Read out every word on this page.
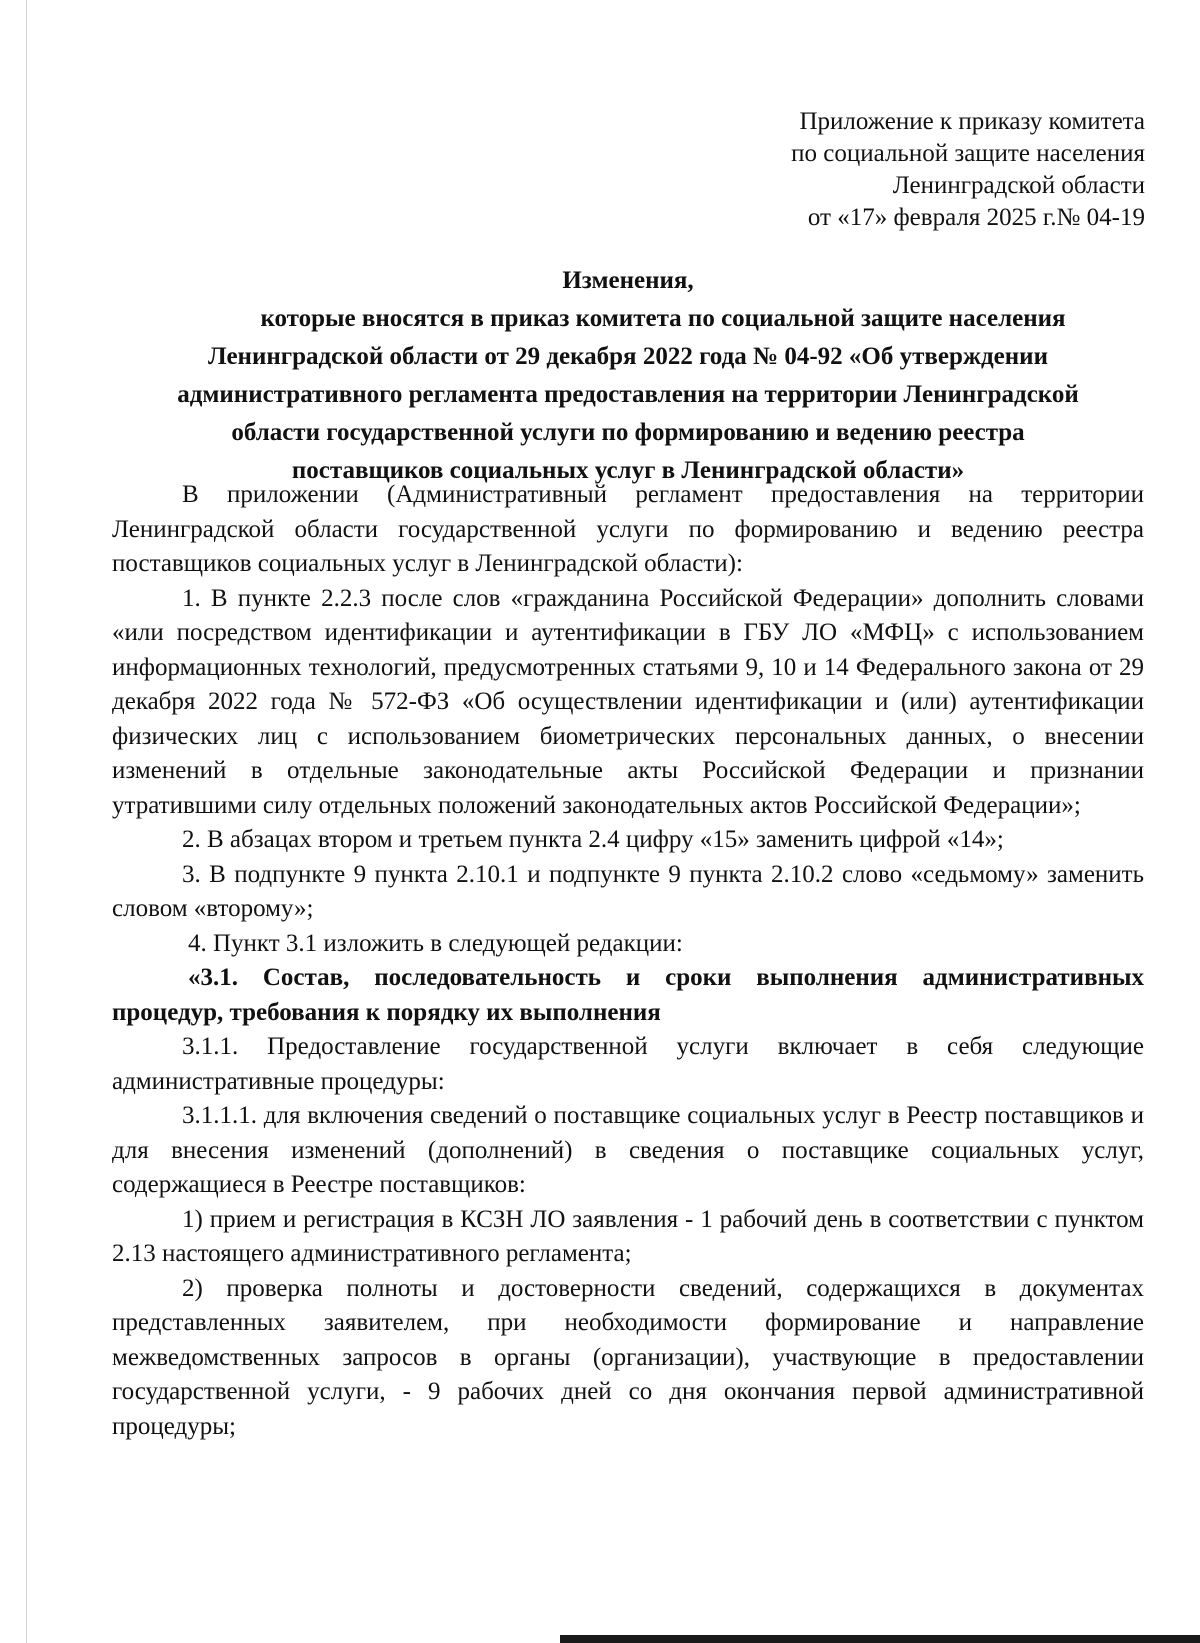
Приложение к приказу комитета
по социальной защите населения
Ленинградской области
от «17» февраля 2025 г.№ 04-19
Изменения,
которые вносятся в приказ комитета по социальной защите населения
Ленинградской области от 29 декабря 2022 года № 04-92 «Об утверждении
административного регламента предоставления на территории Ленинградской
области государственной услуги по формированию и ведению реестра
поставщиков социальных услуг в Ленинградской области»

В приложении (Административный регламент предоставления на территории Ленинградской области государственной услуги по формированию и ведению реестра поставщиков социальных услуг в Ленинградской области):

1. В пункте 2.2.3 после слов «гражданина Российской Федерации» дополнить словами «или посредством идентификации и аутентификации в ГБУ ЛО «МФЦ» с использованием информационных технологий, предусмотренных статьями 9, 10 и 14 Федерального закона от 29 декабря 2022 года № 572-ФЗ «Об осуществлении идентификации и (или) аутентификации физических лиц с использованием биометрических персональных данных, о внесении изменений в отдельные законодательные акты Российской Федерации и признании утратившими силу отдельных положений законодательных актов Российской Федерации»;

2. В абзацах втором и третьем пункта 2.4 цифру «15» заменить цифрой «14»;

3. В подпункте 9 пункта 2.10.1 и подпункте 9 пункта 2.10.2 слово «седьмому» заменить словом «второму»;

4. Пункт 3.1 изложить в следующей редакции:

«3.1. Состав, последовательность и сроки выполнения административных процедур, требования к порядку их выполнения

3.1.1. Предоставление государственной услуги включает в себя следующие административные процедуры:

3.1.1.1. для включения сведений о поставщике социальных услуг в Реестр поставщиков и для внесения изменений (дополнений) в сведения о поставщике социальных услуг, содержащиеся в Реестре поставщиков:

1) прием и регистрация в КСЗН ЛО заявления - 1 рабочий день в соответствии с пунктом 2.13 настоящего административного регламента;

2) проверка полноты и достоверности сведений, содержащихся в документах представленных заявителем, при необходимости формирование и направление межведомственных запросов в органы (организации), участвующие в предоставлении государственной услуги, - 9 рабочих дней со дня окончания первой административной процедуры;
